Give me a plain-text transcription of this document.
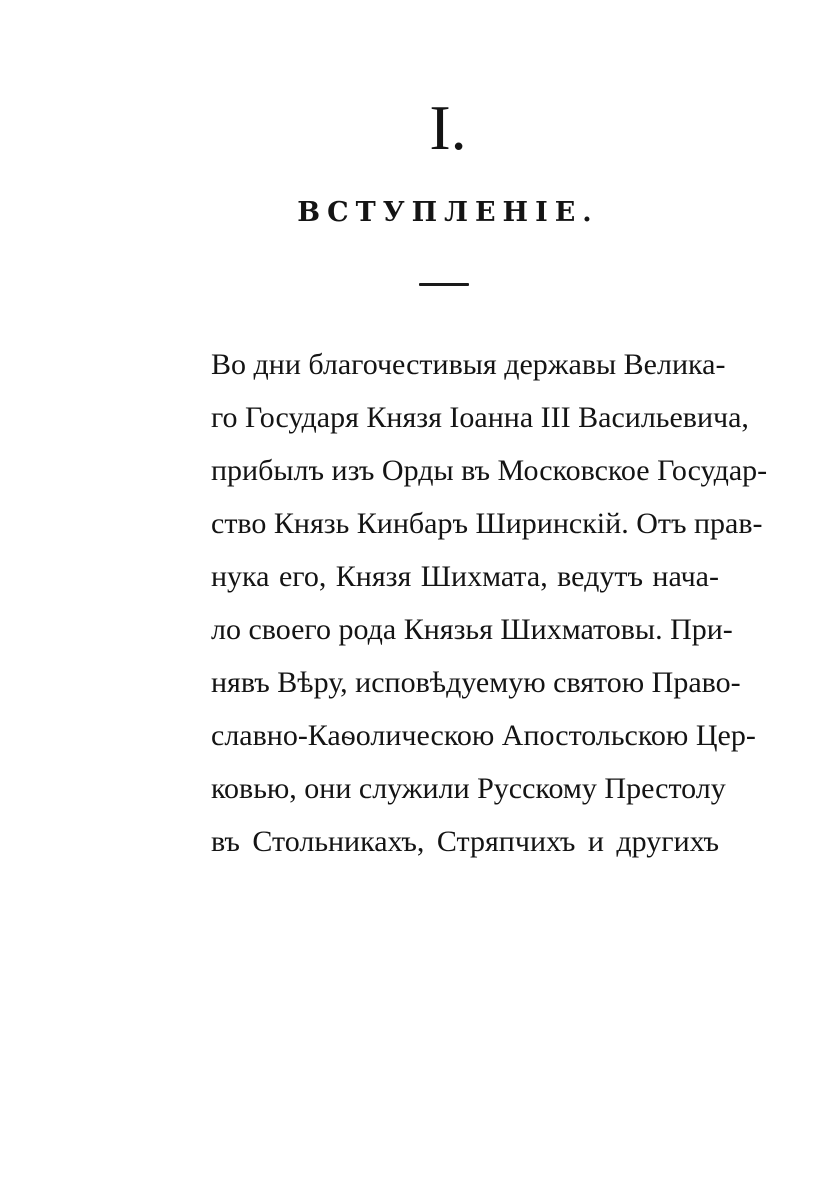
I.
ВСТУПЛЕНІЕ.
Во дни благочестивыя державы Велика-
го Государя Князя Іоанна III Васильевича,
прибылъ изъ Орды въ Московское Государ-
ство Князь Кинбаръ Ширинскій. Отъ прав-
нука его, Князя Шихмата, ведутъ нача-
ло своего рода Князья Шихматовы. При-
нявъ Вѣру, исповѣдуемую святою Право-
славно-Каѳолическою Апостольскою Цер-
ковью, они служили Русскому Престолу
въ Стольникахъ, Стряпчихъ и другихъ
